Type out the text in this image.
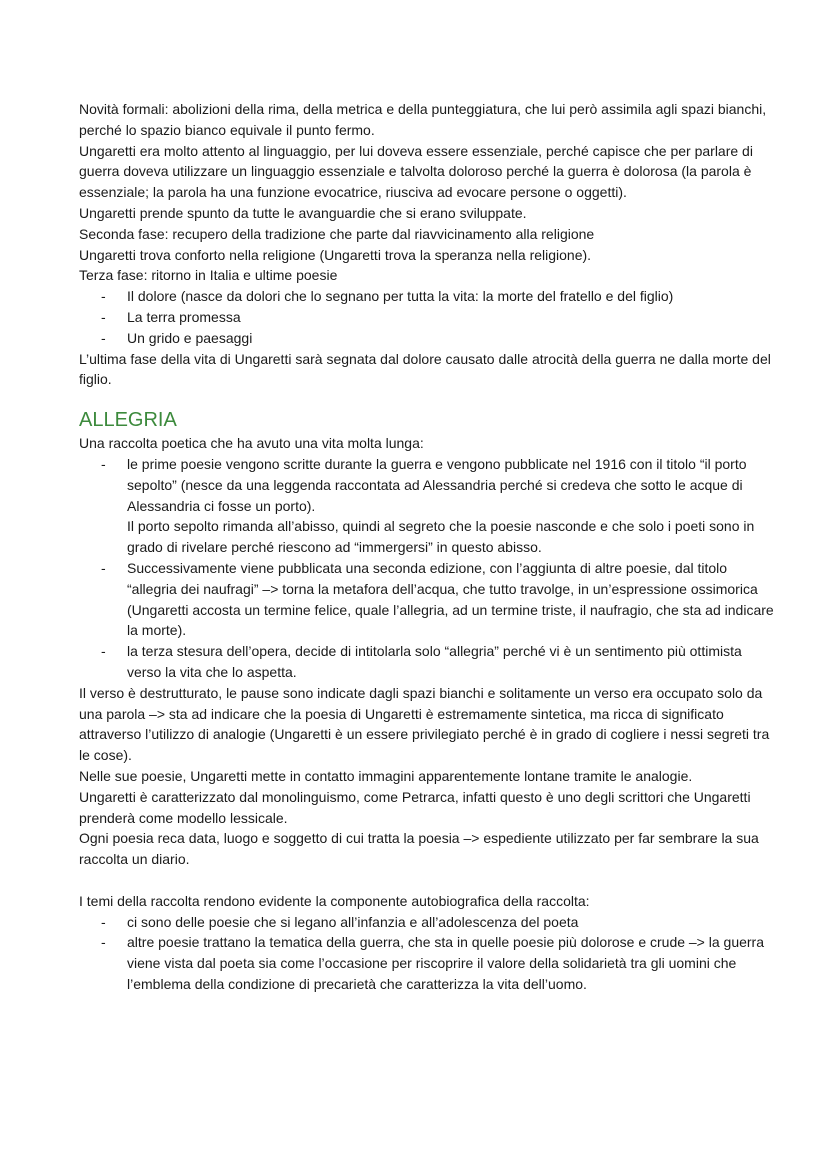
Novità formali: abolizioni della rima, della metrica e della punteggiatura, che lui però assimila agli spazi bianchi, perché lo spazio bianco equivale il punto fermo.

Ungaretti era molto attento al linguaggio, per lui doveva essere essenziale, perché capisce che per parlare di guerra doveva utilizzare un linguaggio essenziale e talvolta doloroso perché la guerra è dolorosa (la parola è essenziale; la parola ha una funzione evocatrice, riusciva ad evocare persone o oggetti).

Ungaretti prende spunto da tutte le avanguardie che si erano sviluppate.

Seconda fase: recupero della tradizione che parte dal riavvicinamento alla religione

Ungaretti trova conforto nella religione (Ungaretti trova la speranza nella religione).

Terza fase: ritorno in Italia e ultime poesie

- Il dolore (nasce da dolori che lo segnano per tutta la vita: la morte del fratello e del figlio)
- La terra promessa
- Un grido e paesaggi

L’ultima fase della vita di Ungaretti sarà segnata dal dolore causato dalle atrocità della guerra ne dalla morte del figlio.

ALLEGRIA

Una raccolta poetica che ha avuto una vita molta lunga:

- le prime poesie vengono scritte durante la guerra e vengono pubblicate nel 1916 con il titolo “il porto sepolto” (nesce da una leggenda raccontata ad Alessandria perché si credeva che sotto le acque di Alessandria ci fosse un porto).
Il porto sepolto rimanda all’abisso, quindi al segreto che la poesie nasconde e che solo i poeti sono in grado di rivelare perché riescono ad “immergersi” in questo abisso.
- Successivamente viene pubblicata una seconda edizione, con l’aggiunta di altre poesie, dal titolo “allegria dei naufragi” –> torna la metafora dell’acqua, che tutto travolge, in un’espressione ossimorica (Ungaretti accosta un termine felice, quale l’allegria, ad un termine triste, il naufragio, che sta ad indicare la morte).
- la terza stesura dell’opera, decide di intitolarla solo “allegria” perché vi è un sentimento più ottimista verso la vita che lo aspetta.

Il verso è destrutturato, le pause sono indicate dagli spazi bianchi e solitamente un verso era occupato solo da una parola –> sta ad indicare che la poesia di Ungaretti è estremamente sintetica, ma ricca di significato attraverso l’utilizzo di analogie (Ungaretti è un essere privilegiato perché è in grado di cogliere i nessi segreti tra le cose).

Nelle sue poesie, Ungaretti mette in contatto immagini apparentemente lontane tramite le analogie.

Ungaretti è caratterizzato dal monolinguismo, come Petrarca, infatti questo è uno degli scrittori che Ungaretti prenderà come modello lessicale.

Ogni poesia reca data, luogo e soggetto di cui tratta la poesia –> espediente utilizzato per far sembrare la sua raccolta un diario.

I temi della raccolta rendono evidente la componente autobiografica della raccolta:

- ci sono delle poesie che si legano all’infanzia e all’adolescenza del poeta
- altre poesie trattano la tematica della guerra, che sta in quelle poesie più dolorose e crude –> la guerra viene vista dal poeta sia come l’occasione per riscoprire il valore della solidarietà tra gli uomini che l’emblema della condizione di precarietà che caratterizza la vita dell’uomo.
